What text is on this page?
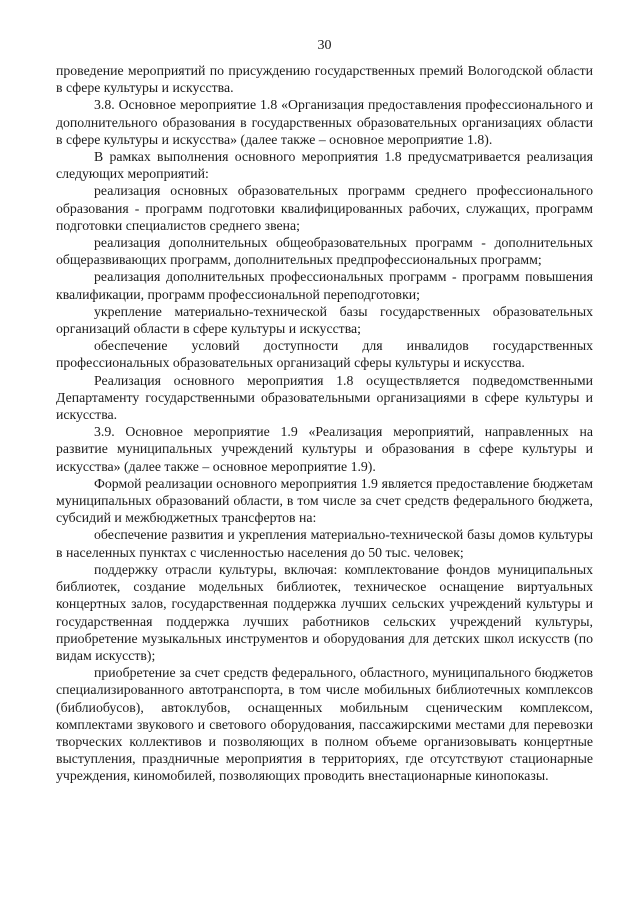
30

проведение мероприятий по присуждению государственных премий Вологодской области в сфере культуры и искусства.

3.8. Основное мероприятие 1.8 «Организация предоставления профессионального и дополнительного образования в государственных образовательных организациях области в сфере культуры и искусства» (далее также – основное мероприятие 1.8).

В рамках выполнения основного мероприятия 1.8 предусматривается реализация следующих мероприятий:

реализация основных образовательных программ среднего профессионального образования - программ подготовки квалифицированных рабочих, служащих, программ подготовки специалистов среднего звена;

реализация дополнительных общеобразовательных программ - дополнительных общеразвивающих программ, дополнительных предпрофессиональных программ;

реализация дополнительных профессиональных программ - программ повышения квалификации, программ профессиональной переподготовки;

укрепление материально-технической базы государственных образовательных организаций области в сфере культуры и искусства;

обеспечение условий доступности для инвалидов государственных профессиональных образовательных организаций сферы культуры и искусства.

Реализация основного мероприятия 1.8 осуществляется подведомственными Департаменту государственными образовательными организациями в сфере культуры и искусства.

3.9. Основное мероприятие 1.9 «Реализация мероприятий, направленных на развитие муниципальных учреждений культуры и образования в сфере культуры и искусства» (далее также – основное мероприятие 1.9).

Формой реализации основного мероприятия 1.9 является предоставление бюджетам муниципальных образований области, в том числе за счет средств федерального бюджета, субсидий и межбюджетных трансфертов на:

обеспечение развития и укрепления материально-технической базы домов культуры в населенных пунктах с численностью населения до 50 тыс. человек;

поддержку отрасли культуры, включая: комплектование фондов муниципальных библиотек, создание модельных библиотек, техническое оснащение виртуальных концертных залов, государственная поддержка лучших сельских учреждений культуры и государственная поддержка лучших работников сельских учреждений культуры, приобретение музыкальных инструментов и оборудования для детских школ искусств (по видам искусств);

приобретение за счет средств федерального, областного, муниципального бюджетов специализированного автотранспорта, в том числе мобильных библиотечных комплексов (библиобусов), автоклубов, оснащенных мобильным сценическим комплексом, комплектами звукового и светового оборудования, пассажирскими местами для перевозки творческих коллективов и позволяющих в полном объеме организовывать концертные выступления, праздничные мероприятия в территориях, где отсутствуют стационарные учреждения, киномобилей, позволяющих проводить внестационарные кинопоказы.
